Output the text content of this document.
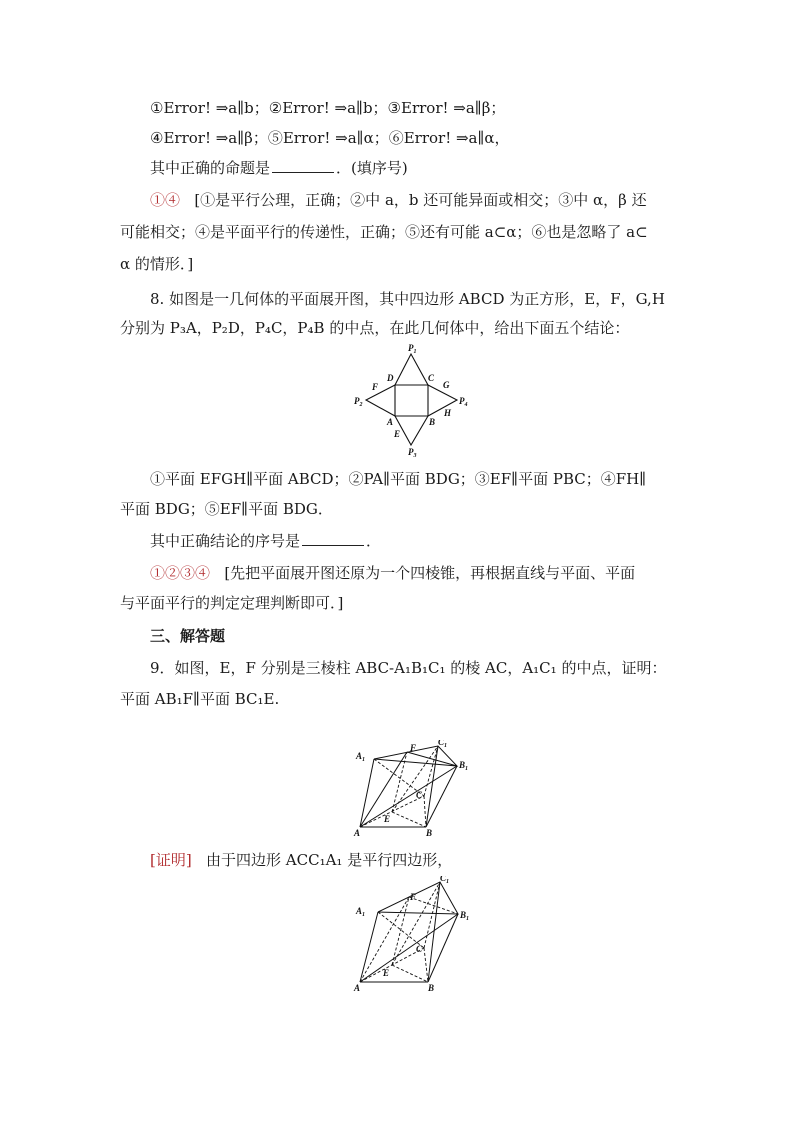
①Error! ⇒a∥b；②Error! ⇒a∥b；③Error! ⇒a∥β；
④Error! ⇒a∥β；⑤Error! ⇒a∥α；⑥Error! ⇒a∥α，
其中正确的命题是	．(填序号)
①④ [①是平行公理，正确；②中 a，b 还可能异面或相交；③中 α，β 还
可能相交；④是平面平行的传递性，正确；⑤还有可能 a⊂α；⑥也是忽略了 a⊂
α 的情形．]
8. 如图是一几何体的平面展开图，其中四边形 ABCD 为正方形，E，F，G,H
分别为 P₃A，P₂D，P₄C，P₄B 的中点，在此几何体中，给出下面五个结论：
$P_1$
$P_2$
$P_3$
$P_4$
D	C
A	B
F	G
H
E
①平面 EFGH∥平面 ABCD；②PA∥平面 BDG；③EF∥平面 PBC；④FH∥
平面 BDG；⑤EF∥平面 BDG．
其中正确结论的序号是	．
①②③④ [先把平面展开图还原为一个四棱锥，再根据直线与平面、平面
与平面平行的判定定理判断即可．]
三、解答题
9．如图，E，F 分别是三棱柱 ABC-A₁B₁C₁ 的棱 AC，A₁C₁ 的中点，证明：
平面 AB₁F∥平面 BC₁E.
A	B
C
E
F
$A_1$	$B_1$
$C_1$
[证明] 由于四边形 ACC₁A₁ 是平行四边形，
A	B
C
E
F
$A_1$	$B_1$
$C_1$
